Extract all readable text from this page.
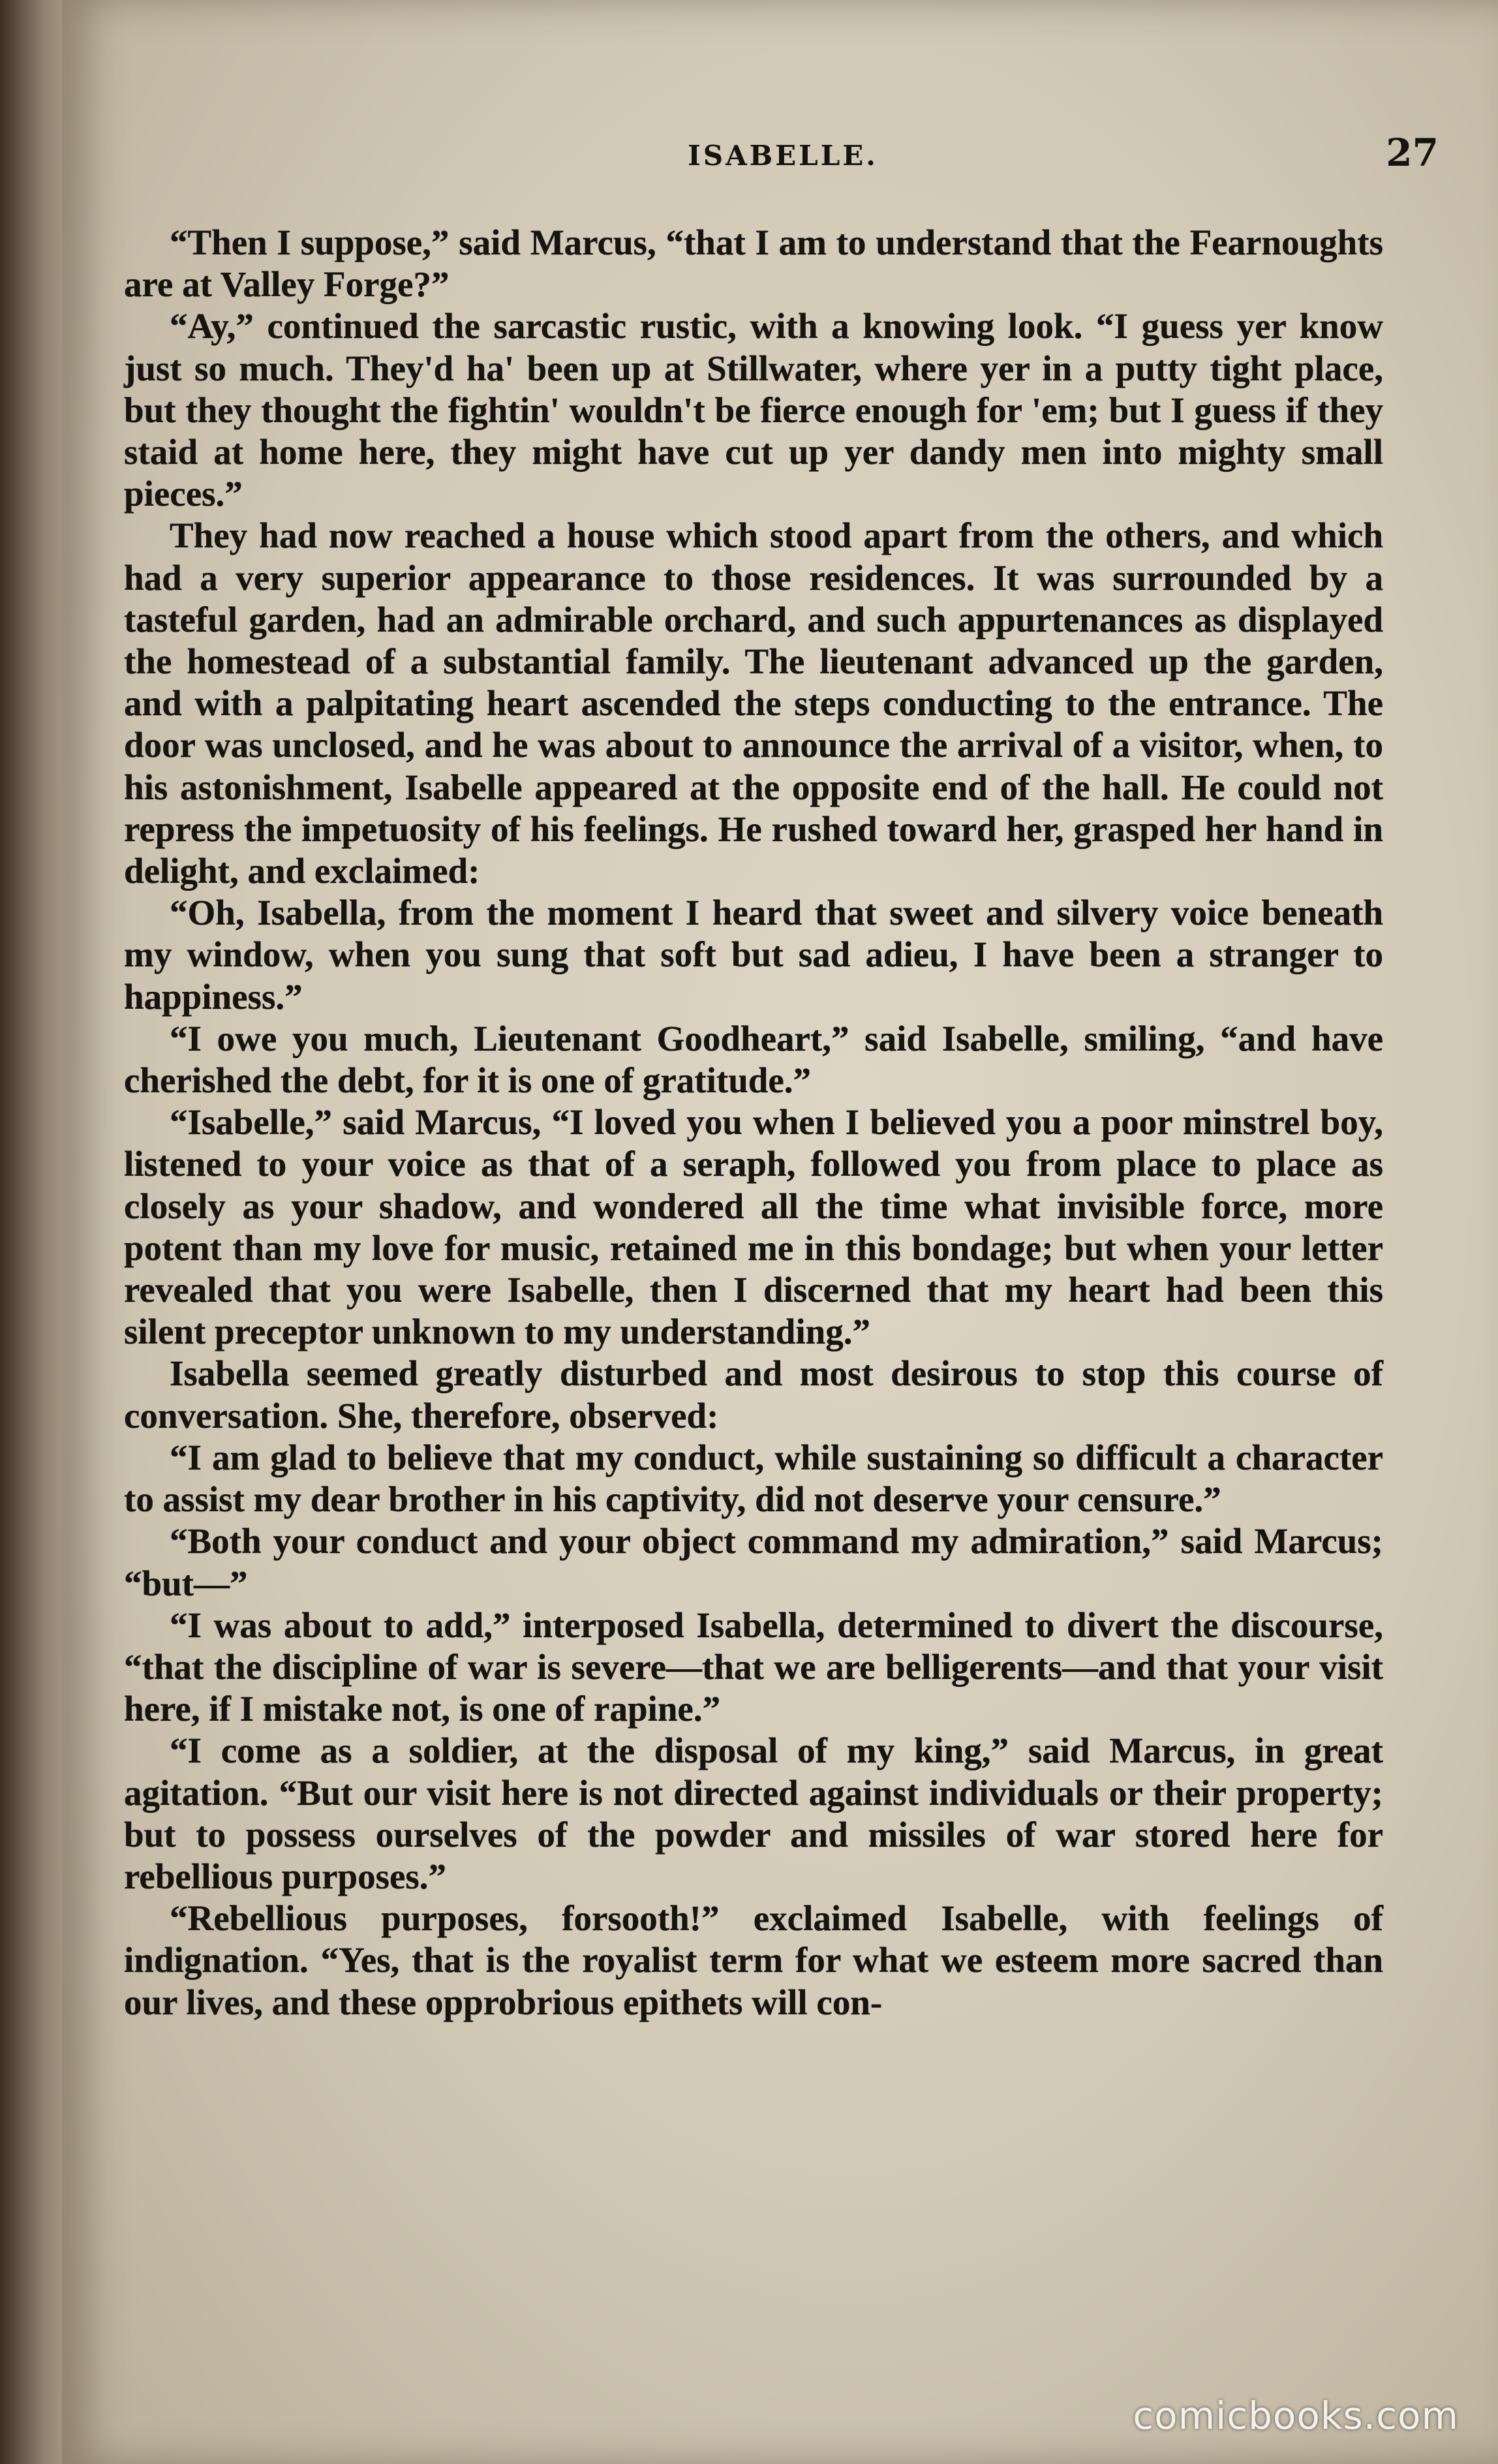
ISABELLE.	27

“Then I suppose,” said Marcus, “that I am to understand that the Fearnoughts are at Valley Forge?”

“Ay,” continued the sarcastic rustic, with a knowing look. “I guess yer know just so much. They'd ha' been up at Stillwater, where yer in a putty tight place, but they thought the fightin' wouldn't be fierce enough for 'em; but I guess if they staid at home here, they might have cut up yer dandy men into mighty small pieces.”

They had now reached a house which stood apart from the others, and which had a very superior appearance to those residences. It was surrounded by a tasteful garden, had an admirable orchard, and such appurtenances as displayed the homestead of a substantial family. The lieutenant advanced up the garden, and with a palpitating heart ascended the steps conducting to the entrance. The door was unclosed, and he was about to announce the arrival of a visitor, when, to his astonishment, Isabelle appeared at the opposite end of the hall. He could not repress the impetuosity of his feelings. He rushed toward her, grasped her hand in delight, and exclaimed:

“Oh, Isabella, from the moment I heard that sweet and silvery voice beneath my window, when you sung that soft but sad adieu, I have been a stranger to happiness.”

“I owe you much, Lieutenant Goodheart,” said Isabelle, smiling, “and have cherished the debt, for it is one of gratitude.”

“Isabelle,” said Marcus, “I loved you when I believed you a poor minstrel boy, listened to your voice as that of a seraph, followed you from place to place as closely as your shadow, and wondered all the time what invisible force, more potent than my love for music, retained me in this bondage; but when your letter revealed that you were Isabelle, then I discerned that my heart had been this silent preceptor unknown to my understanding.”

Isabella seemed greatly disturbed and most desirous to stop this course of conversation. She, therefore, observed:

“I am glad to believe that my conduct, while sustaining so difficult a character to assist my dear brother in his captivity, did not deserve your censure.”

“Both your conduct and your object command my admiration,” said Marcus; “but—”

“I was about to add,” interposed Isabella, determined to divert the discourse, “that the discipline of war is severe—that we are belligerents—and that your visit here, if I mistake not, is one of rapine.”

“I come as a soldier, at the disposal of my king,” said Marcus, in great agitation. “But our visit here is not directed against individuals or their property; but to possess ourselves of the powder and missiles of war stored here for rebellious purposes.”

“Rebellious purposes, forsooth!” exclaimed Isabelle, with feelings of indignation. “Yes, that is the royalist term for what we esteem more sacred than our lives, and these opprobrious epithets will con-

comicbooks.com
